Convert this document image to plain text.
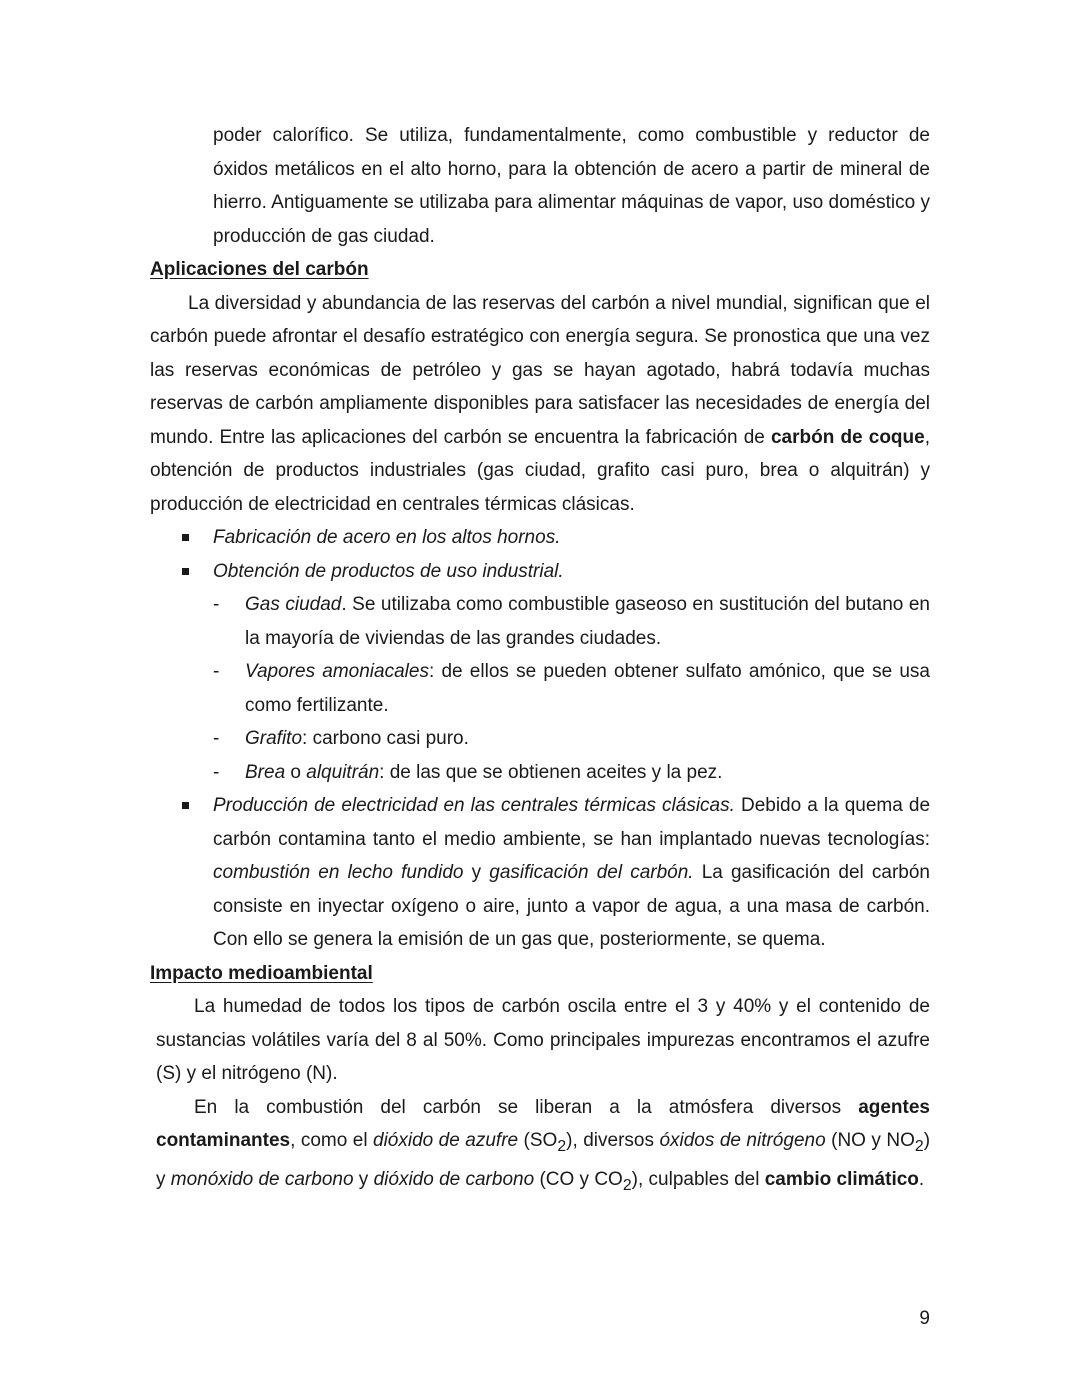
poder calorífico. Se utiliza, fundamentalmente, como combustible y reductor de óxidos metálicos en el alto horno, para la obtención de acero a partir de mineral de hierro. Antiguamente se utilizaba para alimentar máquinas de vapor, uso doméstico y producción de gas ciudad.

Aplicaciones del carbón

La diversidad y abundancia de las reservas del carbón a nivel mundial, significan que el carbón puede afrontar el desafío estratégico con energía segura. Se pronostica que una vez las reservas económicas de petróleo y gas se hayan agotado, habrá todavía muchas reservas de carbón ampliamente disponibles para satisfacer las necesidades de energía del mundo. Entre las aplicaciones del carbón se encuentra la fabricación de carbón de coque, obtención de productos industriales (gas ciudad, grafito casi puro, brea o alquitrán) y producción de electricidad en centrales térmicas clásicas.

Fabricación de acero en los altos hornos.
Obtención de productos de uso industrial.
- Gas ciudad. Se utilizaba como combustible gaseoso en sustitución del butano en la mayoría de viviendas de las grandes ciudades.
- Vapores amoniacales: de ellos se pueden obtener sulfato amónico, que se usa como fertilizante.
- Grafito: carbono casi puro.
- Brea o alquitrán: de las que se obtienen aceites y la pez.
Producción de electricidad en las centrales térmicas clásicas. Debido a la quema de carbón contamina tanto el medio ambiente, se han implantado nuevas tecnologías: combustión en lecho fundido y gasificación del carbón. La gasificación del carbón consiste en inyectar oxígeno o aire, junto a vapor de agua, a una masa de carbón. Con ello se genera la emisión de un gas que, posteriormente, se quema.
Impacto medioambiental

La humedad de todos los tipos de carbón oscila entre el 3 y 40% y el contenido de sustancias volátiles varía del 8 al 50%. Como principales impurezas encontramos el azufre (S) y el nitrógeno (N).

En la combustión del carbón se liberan a la atmósfera diversos agentes contaminantes, como el dióxido de azufre $(SO_2)$, diversos óxidos de nitrógeno (NO y $NO_2$) y monóxido de carbono y dióxido de carbono (CO y $CO_2$), culpables del cambio climático.

9
